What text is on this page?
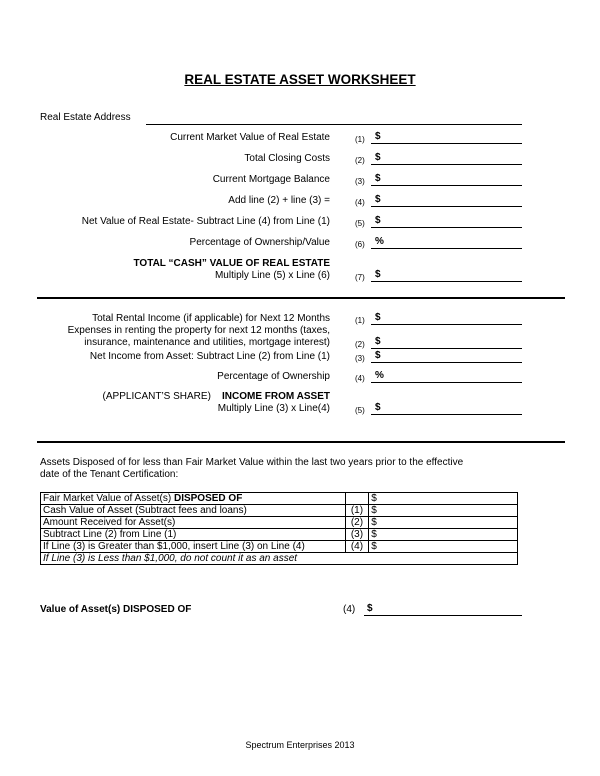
REAL ESTATE ASSET WORKSHEET
Real Estate Address
Current Market Value of Real Estate	(1) $
Total Closing Costs	(2) $
Current Mortgage Balance	(3) $
Add line (2) + line (3) =	(4) $
Net Value of Real Estate- Subtract Line (4) from Line (1)	(5) $
Percentage of Ownership/Value	(6) %
TOTAL “CASH” VALUE OF REAL ESTATE
Multiply Line (5) x Line (6)	(7) $
Total Rental Income (if applicable) for Next 12 Months	(1) $
Expenses in renting the property for next 12 months (taxes,
insurance, maintenance and utilities, mortgage interest)	(2) $
Net Income from Asset: Subtract Line (2) from Line (1)	(3) $
Percentage of Ownership	(4) %
(APPLICANT’S SHARE) INCOME FROM ASSET
Multiply Line (3) x Line(4)	(5) $
Assets Disposed of for less than Fair Market Value within the last two years prior to the effective
date of the Tenant Certification:
Fair Market Value of Asset(s) DISPOSED OF		$
Cash Value of Asset (Subtract fees and loans)	(1)	$
Amount Received for Asset(s)	(2)	$
Subtract Line (2) from Line (1)	(3)	$
If Line (3) is Greater than $1,000, insert Line (3) on Line (4)	(4)	$
If Line (3) is Less than $1,000, do not count it as an asset		
Value of Asset(s) DISPOSED OF	(4) $
Spectrum Enterprises 2013
